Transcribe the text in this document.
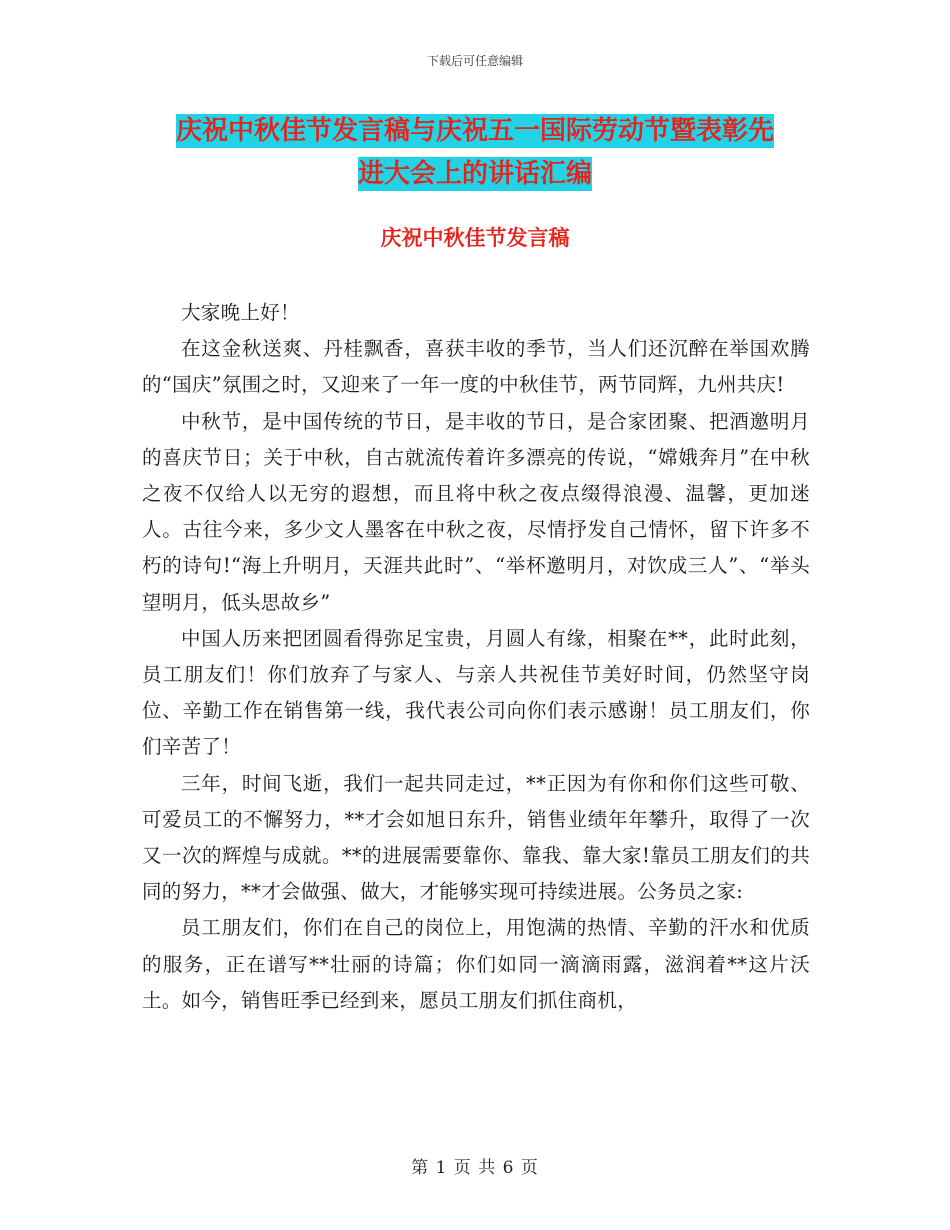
下载后可任意编辑
庆祝中秋佳节发言稿与庆祝五一国际劳动节暨表彰先
进大会上的讲话汇编
庆祝中秋佳节发言稿

大家晚上好！

在这金秋送爽、丹桂飘香，喜获丰收的季节，当人们还沉醉在举国欢腾的“国庆”氛围之时，又迎来了一年一度的中秋佳节，两节同辉，九州共庆!

中秋节，是中国传统的节日，是丰收的节日，是合家团聚、把酒邀明月的喜庆节日；关于中秋，自古就流传着许多漂亮的传说，“嫦娥奔月”在中秋之夜不仅给人以无穷的遐想，而且将中秋之夜点缀得浪漫、温馨，更加迷人。古往今来，多少文人墨客在中秋之夜，尽情抒发自己情怀，留下许多不朽的诗句!“海上升明月，天涯共此时”、“举杯邀明月，对饮成三人”、“举头望明月，低头思故乡”

中国人历来把团圆看得弥足宝贵，月圆人有缘，相聚在**，此时此刻，员工朋友们！你们放弃了与家人、与亲人共祝佳节美好时间，仍然坚守岗位、辛勤工作在销售第一线，我代表公司向你们表示感谢！员工朋友们，你们辛苦了！

三年，时间飞逝，我们一起共同走过，**正因为有你和你们这些可敬、可爱员工的不懈努力，**才会如旭日东升，销售业绩年年攀升，取得了一次又一次的辉煌与成就。**的进展需要靠你、靠我、靠大家!靠员工朋友们的共同的努力，**才会做强、做大，才能够实现可持续进展。公务员之家:

员工朋友们，你们在自己的岗位上，用饱满的热情、辛勤的汗水和优质的服务，正在谱写**壮丽的诗篇；你们如同一滴滴雨露，滋润着**这片沃土。如今，销售旺季已经到来，愿员工朋友们抓住商机，

第 1 页 共 6 页
